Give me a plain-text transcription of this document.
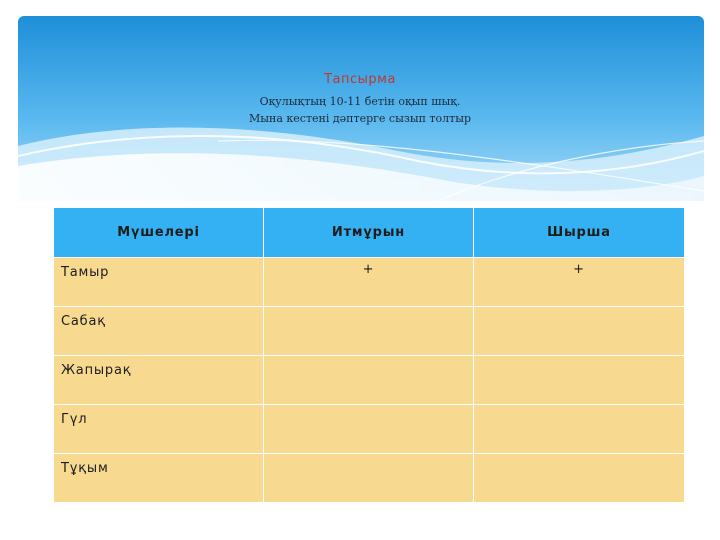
Тапсырма
Оқулықтың 10-11 бетін оқып шық.
Мына кестені дәптерге сызып толтыр
Мүшелері	Итмұрын	Шырша
Тамыр	+	+
Сабақ		
Жапырақ		
Гүл		
Тұқым		
